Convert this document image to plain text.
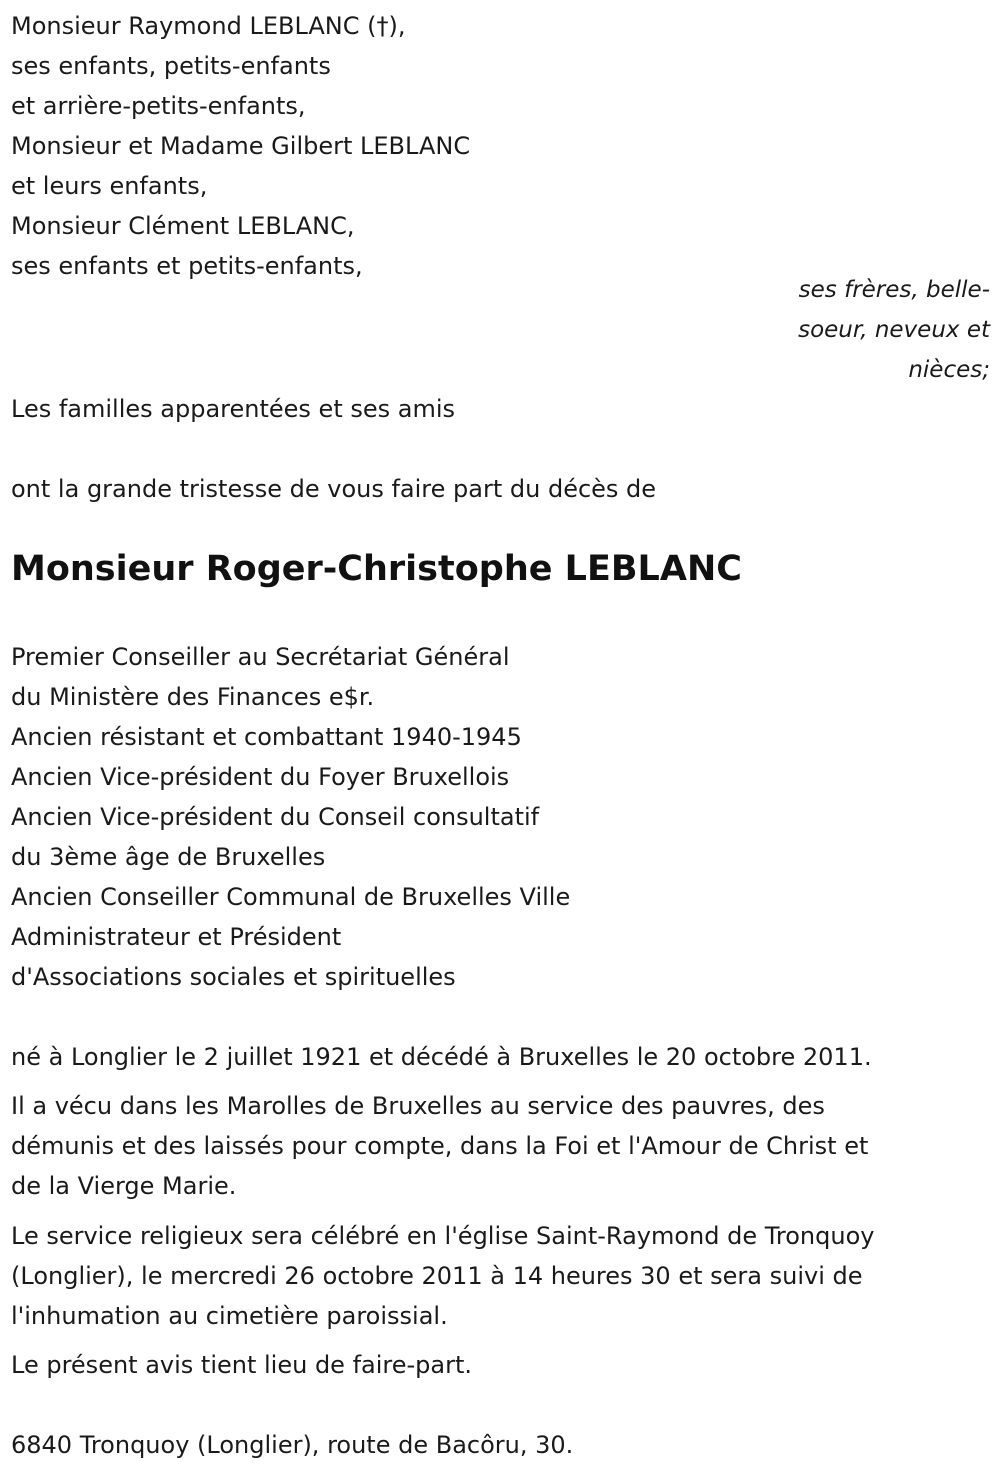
Monsieur Raymond LEBLANC (†),
ses enfants, petits-enfants
et arrière-petits-enfants,
Monsieur et Madame Gilbert LEBLANC
et leurs enfants,
Monsieur Clément LEBLANC,
ses enfants et petits-enfants,
ses frères, belle-
soeur, neveux et
nièces;
Les familles apparentées et ses amis
ont la grande tristesse de vous faire part du décès de
Monsieur Roger-Christophe LEBLANC
Premier Conseiller au Secrétariat Général
du Ministère des Finances e$r.
Ancien résistant et combattant 1940-1945
Ancien Vice-président du Foyer Bruxellois
Ancien Vice-président du Conseil consultatif
du 3ème âge de Bruxelles
Ancien Conseiller Communal de Bruxelles Ville
Administrateur et Président
d'Associations sociales et spirituelles
né à Longlier le 2 juillet 1921 et décédé à Bruxelles le 20 octobre 2011.
Il a vécu dans les Marolles de Bruxelles au service des pauvres, des
démunis et des laissés pour compte, dans la Foi et l'Amour de Christ et
de la Vierge Marie.
Le service religieux sera célébré en l'église Saint-Raymond de Tronquoy
(Longlier), le mercredi 26 octobre 2011 à 14 heures 30 et sera suivi de
l'inhumation au cimetière paroissial.
Le présent avis tient lieu de faire-part.
6840 Tronquoy (Longlier), route de Bacôru, 30.
